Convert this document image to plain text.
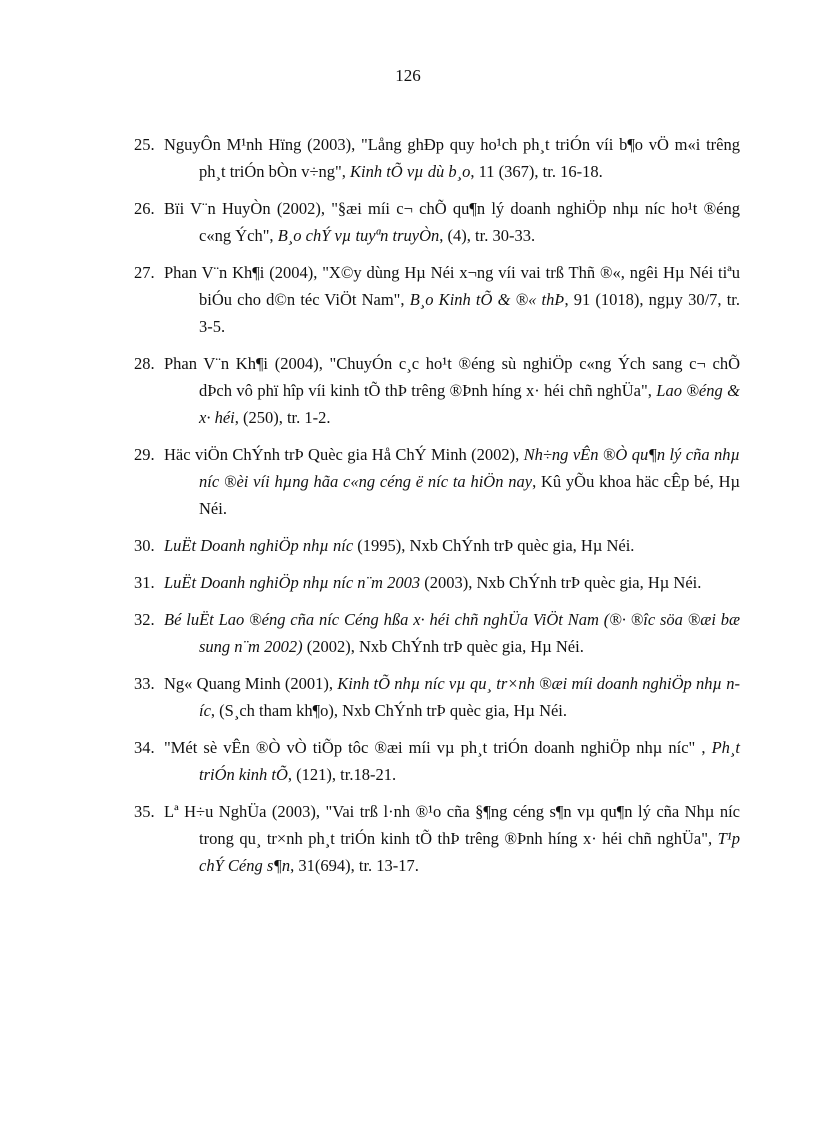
126
25. NguyÔn M¹nh Hïng (2003), "Lång ghÐp quy ho¹ch ph¸t triÓn víi b¶o vÖ m«i trêng ph¸t triÓn bÒn v÷ng", Kinh tÕ vµ dù b¸o, 11 (367), tr. 16-18.
26. Bïi V¨n HuyÒn (2002), "§æi míi c¬ chÕ qu¶n lý doanh nghiÖp nhµ níc ho¹t ®éng c«ng Ých", B¸o chÝ vµ tuyªn truyÒn, (4), tr. 30-33.
27. Phan V¨n Kh¶i (2004), "X©y dùng Hµ Néi x¬ng víi vai trß Thñ ®«, ngêi Hµ Néi tiªu biÓu cho d©n téc ViÖt Nam", B¸o Kinh tÕ & ®« thÞ, 91 (1018), ngµy 30/7, tr. 3-5.
28. Phan V¨n Kh¶i (2004), "ChuyÓn c¸c ho¹t ®éng sù nghiÖp c«ng Ých sang c¬ chÕ dÞch vô phï hîp víi kinh tÕ thÞ trêng ®Þnh híng x· héi chñ nghÜa", Lao ®éng & x· héi, (250), tr. 1-2.
29. Häc viÖn ChÝnh trÞ Quèc gia Hå ChÝ Minh (2002), Nh÷ng vÊn ®Ò qu¶n lý cña nhµ níc ®èi víi hµng hãa c«ng céng ë níc ta hiÖn nay, Kû yÕu khoa häc cÊp bé, Hµ Néi.
30. LuËt Doanh nghiÖp nhµ níc (1995), Nxb ChÝnh trÞ quèc gia, Hµ Néi.
31. LuËt Doanh nghiÖp nhµ níc n¨m 2003 (2003), Nxb ChÝnh trÞ quèc gia, Hµ Néi.
32. Bé luËt Lao ®éng cña níc Céng hßa x· héi chñ nghÜa ViÖt Nam (®· ®îc söa ®æi bæ sung n¨m 2002) (2002), Nxb ChÝnh trÞ quèc gia, Hµ Néi.
33. Ng« Quang Minh (2001), Kinh tÕ nhµ níc vµ qu¸ tr×nh ®æi míi doanh nghiÖp nhµ níc, (S¸ch tham kh¶o), Nxb ChÝnh trÞ quèc gia, Hµ Néi.
34. "Mét sè vÊn ®Ò vÒ tiÕp tôc ®æi míi vµ ph¸t triÓn doanh nghiÖp nhµ níc" , Ph¸t triÓn kinh tÕ, (121), tr.18-21.
35. Lª H÷u NghÜa (2003), "Vai trß l·nh ®¹o cña §¶ng céng s¶n vµ qu¶n lý cña Nhµ níc trong qu¸ tr×nh ph¸t triÓn kinh tÕ thÞ trêng ®Þnh híng x· héi chñ nghÜa", T¹p chÝ Céng s¶n, 31(694), tr. 13-17.
